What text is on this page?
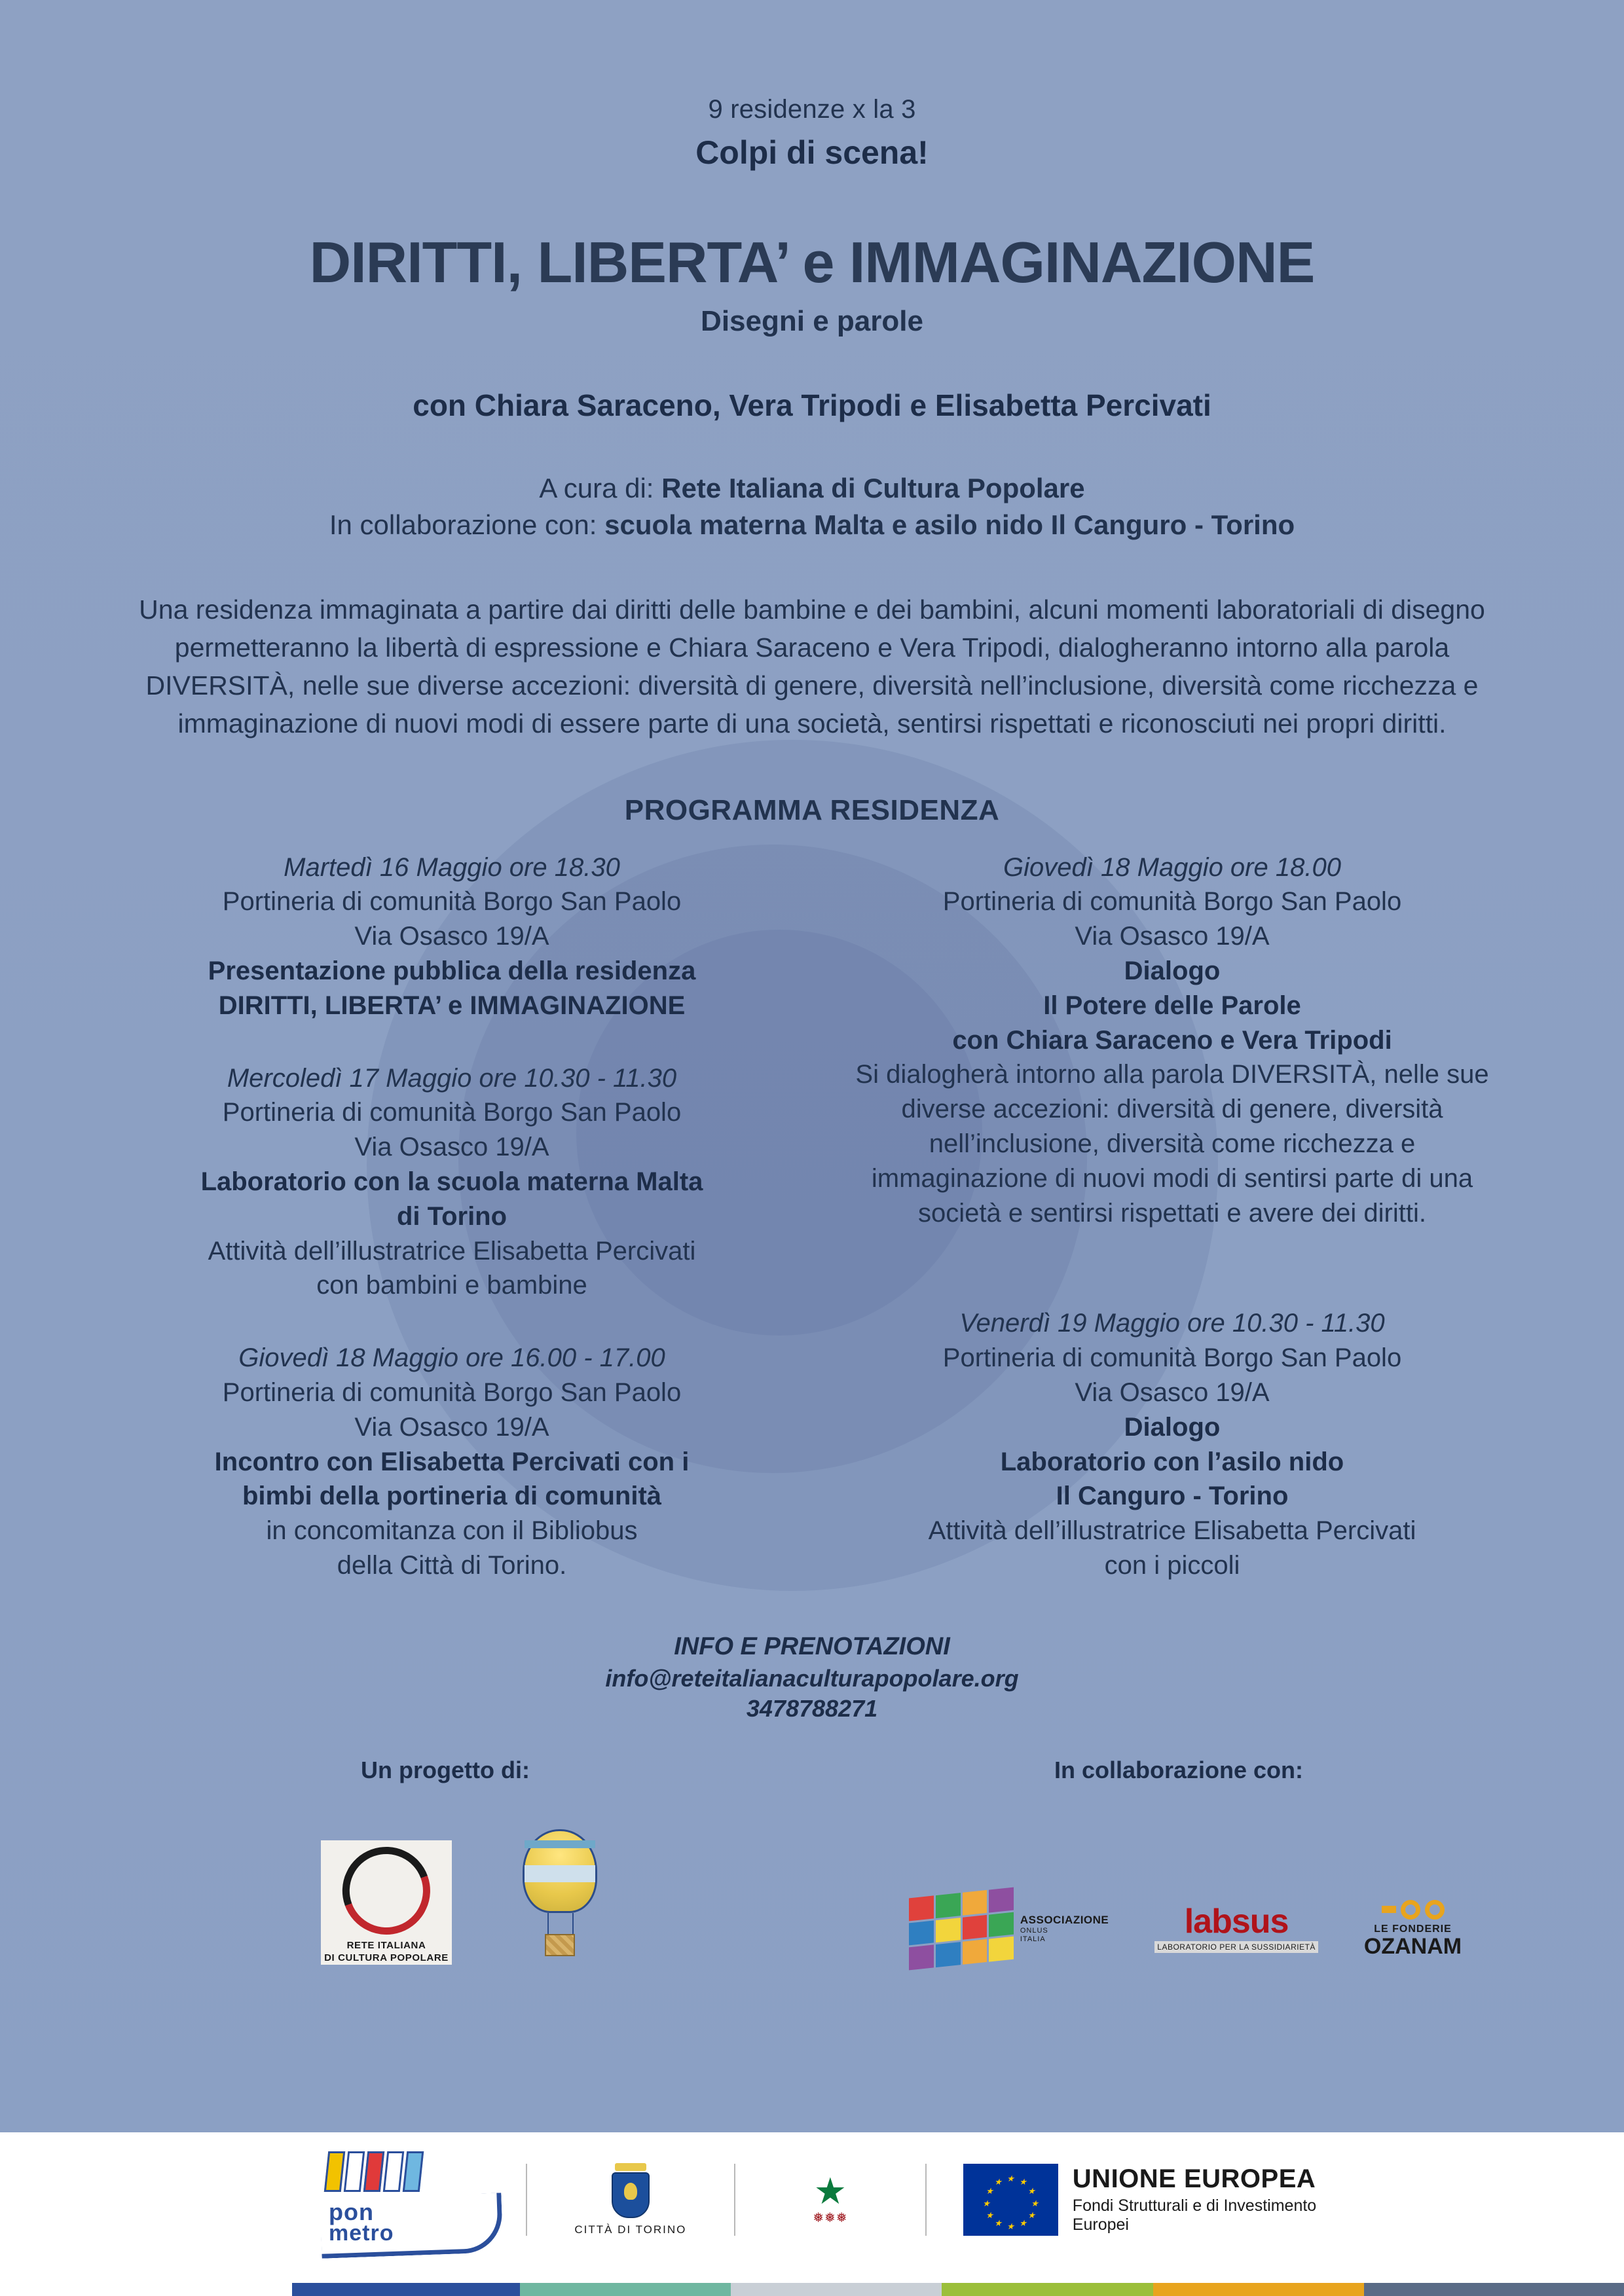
9 residenze x la 3
Colpi di scena!
DIRITTI, LIBERTA’ e IMMAGINAZIONE
Disegni e parole
con Chiara Saraceno, Vera Tripodi e Elisabetta Percivati
A cura di: Rete Italiana di Cultura Popolare
In collaborazione con: scuola materna Malta e asilo nido Il Canguro - Torino
Una residenza immaginata a partire dai diritti delle bambine e dei bambini, alcuni momenti laboratoriali di disegno permetteranno la libertà di espressione e Chiara Saraceno e Vera Tripodi, dialogheranno intorno alla parola DIVERSITÀ, nelle sue diverse accezioni: diversità di genere, diversità nell’inclusione, diversità come ricchezza e immaginazione di nuovi modi di essere parte di una società, sentirsi rispettati e riconosciuti nei propri diritti.
PROGRAMMA RESIDENZA
Martedì 16 Maggio ore 18.30
Portineria di comunità Borgo San Paolo
Via Osasco 19/A
Presentazione pubblica della residenza
DIRITTI, LIBERTA’ e IMMAGINAZIONE
Mercoledì 17 Maggio ore 10.30 - 11.30
Portineria di comunità Borgo San Paolo
Via Osasco 19/A
Laboratorio con la scuola materna Malta
di Torino
Attività dell’illustratrice Elisabetta Percivati
con bambini e bambine
Giovedì 18 Maggio ore 16.00 - 17.00
Portineria di comunità Borgo San Paolo
Via Osasco 19/A
Incontro con Elisabetta Percivati con i
bimbi della portineria di comunità
in concomitanza con il Bibliobus
della Città di Torino.
Giovedì 18 Maggio ore 18.00
Portineria di comunità Borgo San Paolo
Via Osasco 19/A
Dialogo
Il Potere delle Parole
con Chiara Saraceno e Vera Tripodi
Si dialogherà intorno alla parola DIVERSITÀ, nelle sue diverse accezioni: diversità di genere, diversità nell’inclusione, diversità come ricchezza e immaginazione di nuovi modi di sentirsi parte di una società e sentirsi rispettati e avere dei diritti.
Venerdì 19 Maggio ore 10.30 - 11.30
Portineria di comunità Borgo San Paolo
Via Osasco 19/A
Dialogo
Laboratorio con l’asilo nido
Il Canguro - Torino
Attività dell’illustratrice Elisabetta Percivati
con i piccoli
INFO E PRENOTAZIONI
info@reteitalianaculturapopolare.org
3478788271
Un progetto di:	In collaborazione con:
RETE ITALIANA
DI CULTURA POPOLARE
ASSOCIAZIONE
ONLUS
ITALIA	labsus
LABORATORIO PER LA SUSSIDIARIETÀ
LE FONDERIE
OZANAM
pon
metro	CITTÀ DI TORINO
★
❅❅❅
★ ★
★
★
★
★
★
★
★
★
★
★	UNIONE EUROPEA
Fondi Strutturali e di Investimento Europei
